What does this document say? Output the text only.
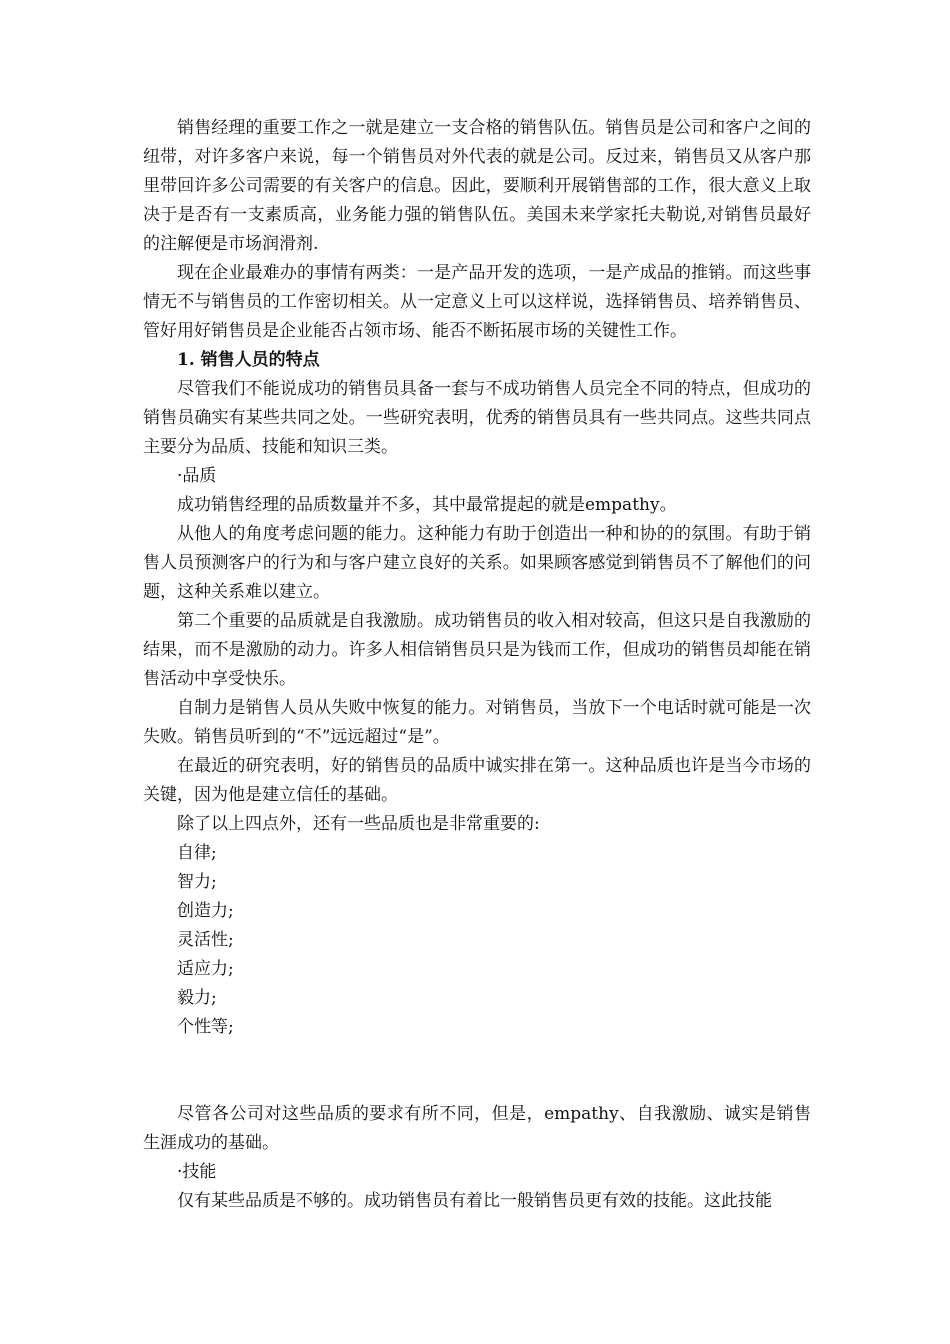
销售经理的重要工作之一就是建立一支合格的销售队伍。销售员是公司和客户之间的纽带，对许多客户来说，每一个销售员对外代表的就是公司。反过来，销售员又从客户那里带回许多公司需要的有关客户的信息。因此，要顺利开展销售部的工作，很大意义上取决于是否有一支素质高，业务能力强的销售队伍。美国未来学家托夫勒说,对销售员最好的注解便是市场润滑剂.

现在企业最难办的事情有两类：一是产品开发的选项，一是产成品的推销。而这些事情无不与销售员的工作密切相关。从一定意义上可以这样说，选择销售员、培养销售员、管好用好销售员是企业能否占领市场、能否不断拓展市场的关键性工作。

1. 销售人员的特点

尽管我们不能说成功的销售员具备一套与不成功销售人员完全不同的特点，但成功的销售员确实有某些共同之处。一些研究表明，优秀的销售员具有一些共同点。这些共同点主要分为品质、技能和知识三类。

·品质

成功销售经理的品质数量并不多，其中最常提起的就是empathy。

从他人的角度考虑问题的能力。这种能力有助于创造出一种和协的的氛围。有助于销售人员预测客户的行为和与客户建立良好的关系。如果顾客感觉到销售员不了解他们的问题，这种关系难以建立。

第二个重要的品质就是自我激励。成功销售员的收入相对较高，但这只是自我激励的结果，而不是激励的动力。许多人相信销售员只是为钱而工作，但成功的销售员却能在销售活动中享受快乐。

自制力是销售人员从失败中恢复的能力。对销售员，当放下一个电话时就可能是一次失败。销售员听到的“不”远远超过“是”。

在最近的研究表明，好的销售员的品质中诚实排在第一。这种品质也许是当今市场的关键，因为他是建立信任的基础。

除了以上四点外，还有一些品质也是非常重要的:

自律;

智力;

创造力;

灵活性;

适应力;

毅力;

个性等;

尽管各公司对这些品质的要求有所不同，但是，empathy、自我激励、诚实是销售生涯成功的基础。

·技能

仅有某些品质是不够的。成功销售员有着比一般销售员更有效的技能。这此技能
